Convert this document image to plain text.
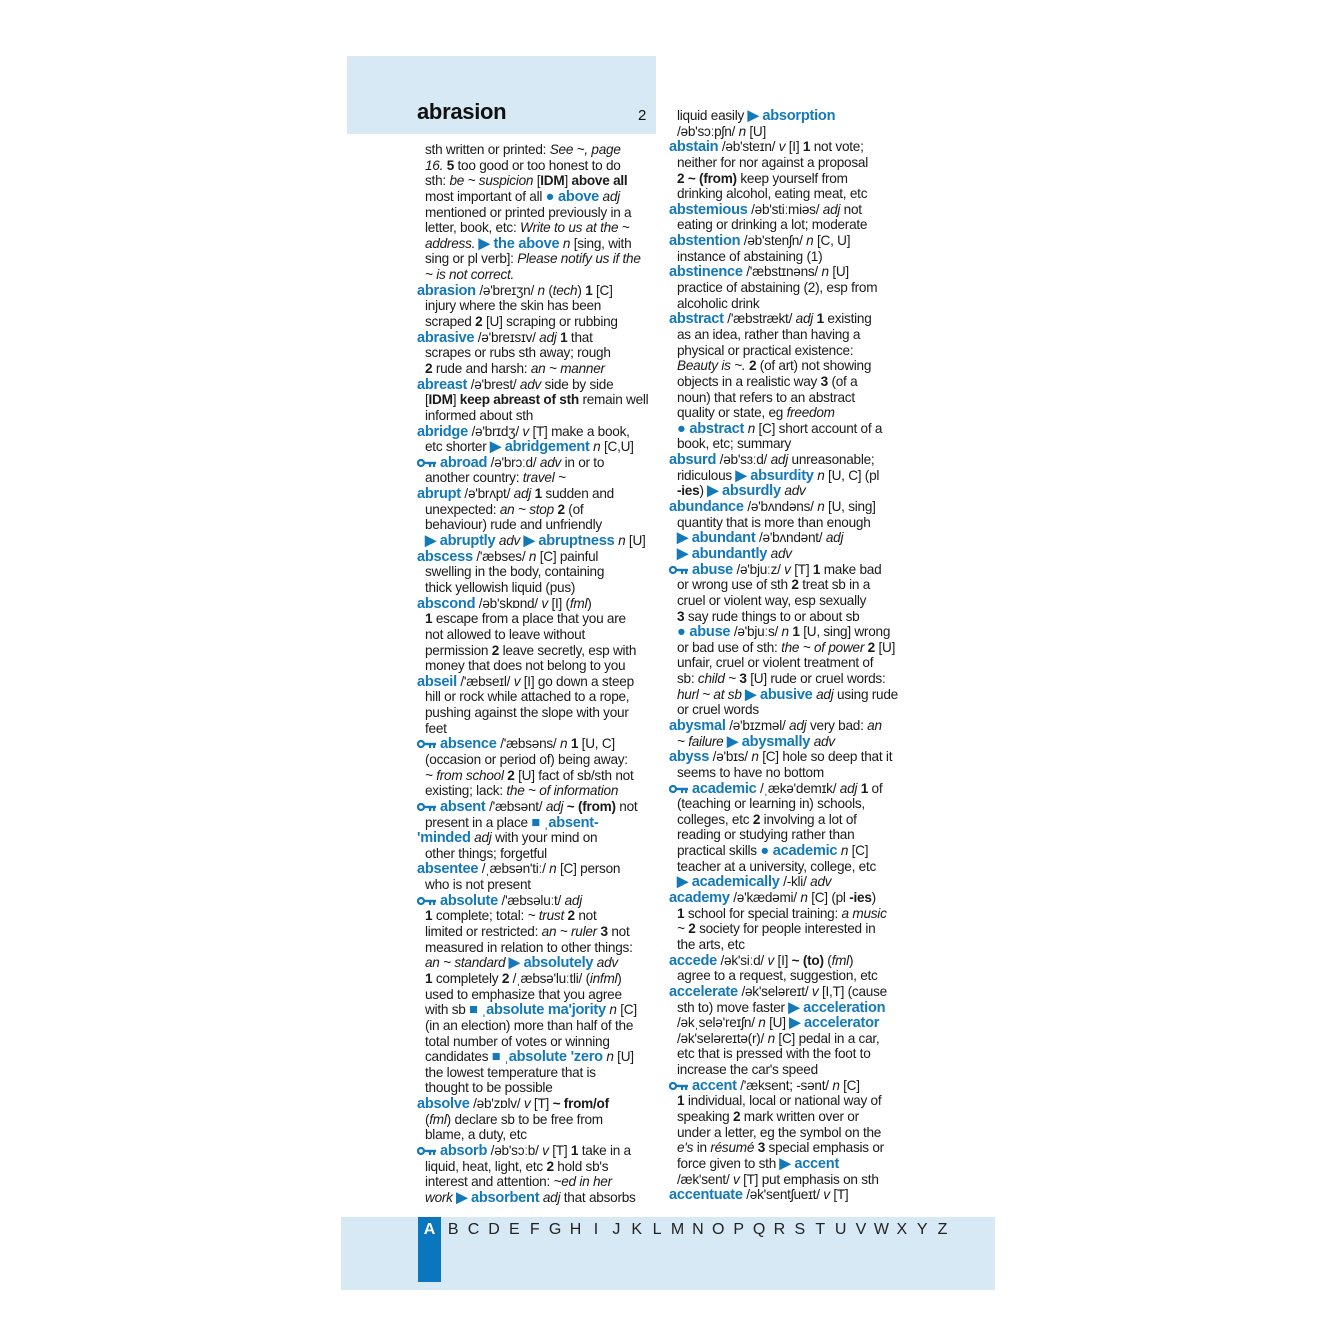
abrasion	2
sth written or printed: See ~, page
16. 5 too good or too honest to do
sth: be ~ suspicion [IDM] above all
most important of all ● above adj
mentioned or printed previously in a
letter, book, etc: Write to us at the ~
address. ▶ the above n [sing, with
sing or pl verb]: Please notify us if the
~ is not correct.
abrasion /ə'breɪʒn/ n (tech) 1 [C]
injury where the skin has been
scraped 2 [U] scraping or rubbing
abrasive /ə'breɪsɪv/ adj 1 that
scrapes or rubs sth away; rough
2 rude and harsh: an ~ manner
abreast /ə'brest/ adv side by side
[IDM] keep abreast of sth remain well
informed about sth
abridge /ə'brɪdʒ/ v [T] make a book,
etc shorter ▶ abridgement n [C,U]
abroad /ə'brɔːd/ adv in or to
another country: travel ~
abrupt /ə'brʌpt/ adj 1 sudden and
unexpected: an ~ stop 2 (of
behaviour) rude and unfriendly
▶ abruptly adv ▶ abruptness n [U]
abscess /'æbses/ n [C] painful
swelling in the body, containing
thick yellowish liquid (pus)
abscond /əb'skɒnd/ v [I] (fml)
1 escape from a place that you are
not allowed to leave without
permission 2 leave secretly, esp with
money that does not belong to you
abseil /'æbseɪl/ v [I] go down a steep
hill or rock while attached to a rope,
pushing against the slope with your
feet
absence /'æbsəns/ n 1 [U, C]
(occasion or period of) being away:
~ from school 2 [U] fact of sb/sth not
existing; lack: the ~ of information
absent /'æbsənt/ adj ~ (from) not
present in a place ■ ˌabsent-
'minded adj with your mind on
other things; forgetful
absentee /ˌæbsən'tiː/ n [C] person
who is not present
absolute /'æbsəluːt/ adj
1 complete; total: ~ trust 2 not
limited or restricted: an ~ ruler 3 not
measured in relation to other things:
an ~ standard ▶ absolutely adv
1 completely 2 /ˌæbsə'luːtli/ (infml)
used to emphasize that you agree
with sb ■ ˌabsolute ma'jority n [C]
(in an election) more than half of the
total number of votes or winning
candidates ■ ˌabsolute 'zero n [U]
the lowest temperature that is
thought to be possible
absolve /əb'zɒlv/ v [T] ~ from/of
(fml) declare sb to be free from
blame, a duty, etc
absorb /əb'sɔːb/ v [T] 1 take in a
liquid, heat, light, etc 2 hold sb's
interest and attention: ~ed in her
work ▶ absorbent adj that absorbs
liquid easily ▶ absorption
/əb'sɔːpʃn/ n [U]
abstain /əb'steɪn/ v [I] 1 not vote;
neither for nor against a proposal
2 ~ (from) keep yourself from
drinking alcohol, eating meat, etc
abstemious /əb'stiːmiəs/ adj not
eating or drinking a lot; moderate
abstention /əb'stenʃn/ n [C, U]
instance of abstaining (1)
abstinence /'æbstɪnəns/ n [U]
practice of abstaining (2), esp from
alcoholic drink
abstract /'æbstrækt/ adj 1 existing
as an idea, rather than having a
physical or practical existence:
Beauty is ~. 2 (of art) not showing
objects in a realistic way 3 (of a
noun) that refers to an abstract
quality or state, eg freedom
● abstract n [C] short account of a
book, etc; summary
absurd /əb'sɜːd/ adj unreasonable;
ridiculous ▶ absurdity n [U, C] (pl
-ies) ▶ absurdly adv
abundance /ə'bʌndəns/ n [U, sing]
quantity that is more than enough
▶ abundant /ə'bʌndənt/ adj
▶ abundantly adv
abuse /ə'bjuːz/ v [T] 1 make bad
or wrong use of sth 2 treat sb in a
cruel or violent way, esp sexually
3 say rude things to or about sb
● abuse /ə'bjuːs/ n 1 [U, sing] wrong
or bad use of sth: the ~ of power 2 [U]
unfair, cruel or violent treatment of
sb: child ~ 3 [U] rude or cruel words:
hurl ~ at sb ▶ abusive adj using rude
or cruel words
abysmal /ə'bɪzməl/ adj very bad: an
~ failure ▶ abysmally adv
abyss /ə'bɪs/ n [C] hole so deep that it
seems to have no bottom
academic /ˌækə'demɪk/ adj 1 of
(teaching or learning in) schools,
colleges, etc 2 involving a lot of
reading or studying rather than
practical skills ● academic n [C]
teacher at a university, college, etc
▶ academically /-kli/ adv
academy /ə'kædəmi/ n [C] (pl -ies)
1 school for special training: a music
~ 2 society for people interested in
the arts, etc
accede /ək'siːd/ v [I] ~ (to) (fml)
agree to a request, suggestion, etc
accelerate /ək'seləreɪt/ v [I,T] (cause
sth to) move faster ▶ acceleration
/əkˌselə'reɪʃn/ n [U] ▶ accelerator
/ək'seləreɪtə(r)/ n [C] pedal in a car,
etc that is pressed with the foot to
increase the car's speed
accent /'æksent; -sənt/ n [C]
1 individual, local or national way of
speaking 2 mark written over or
under a letter, eg the symbol on the
e's in résumé 3 special emphasis or
force given to sth ▶ accent
/æk'sent/ v [T] put emphasis on sth
accentuate /ək'sentʃueɪt/ v [T]
A B C D E F G H I J K L M N O P Q R S T U V W X Y Z
